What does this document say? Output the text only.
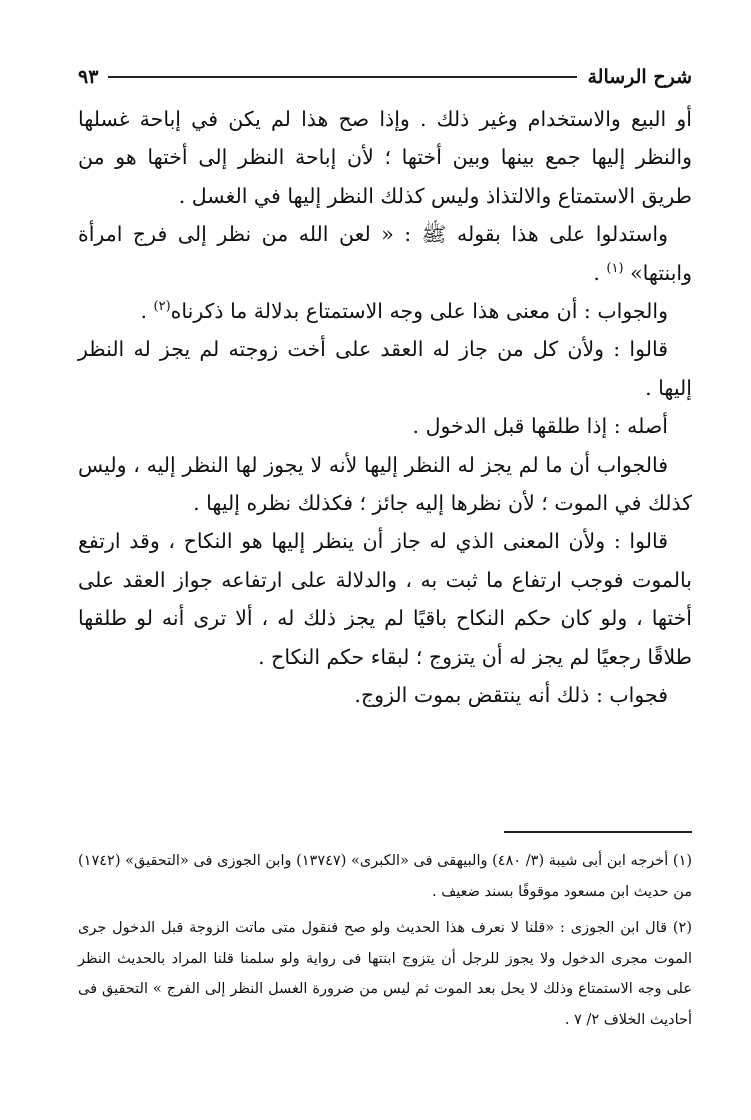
شرح الرسالة
٩٣

أو البيع والاستخدام وغير ذلك . وإذا صح هذا لم يكن في إباحة غسلها والنظر إليها جمع بينها وبين أختها ؛ لأن إباحة النظر إلى أختها هو من طريق الاستمتاع والالتذاذ وليس كذلك النظر إليها في الغسل .

واستدلوا على هذا بقوله ﷺ : « لعن الله من نظر إلى فرج امرأة وابنتها» $^{(١)}$ .

والجواب : أن معنى هذا على وجه الاستمتاع بدلالة ما ذكرناه$^{(٢)}$ .

قالوا : ولأن كل من جاز له العقد على أخت زوجته لم يجز له النظر إليها .

أصله : إذا طلقها قبل الدخول .

فالجواب أن ما لم يجز له النظر إليها لأنه لا يجوز لها النظر إليه ، وليس كذلك في الموت ؛ لأن نظرها إليه جائز ؛ فكذلك نظره إليها .

قالوا : ولأن المعنى الذي له جاز أن ينظر إليها هو النكاح ، وقد ارتفع بالموت فوجب ارتفاع ما ثبت به ، والدلالة على ارتفاعه جواز العقد على أختها ، ولو كان حكم النكاح باقيًا لم يجز ذلك له ، ألا ترى أنه لو طلقها طلاقًا رجعيًا لم يجز له أن يتزوج ؛ لبقاء حكم النكاح .

فجواب : ذلك أنه ينتقض بموت الزوج.

(١) أخرجه ابن أبى شيبة (٣/ ٤٨٠) والبيهقى فى «الكبرى» (١٣٧٤٧) وابن الجوزى فى «التحقيق» (١٧٤٢) من حديث ابن مسعود موقوفًا بسند ضعيف .

(٢) قال ابن الجوزى : «قلنا لا نعرف هذا الحديث ولو صح فنقول متى ماتت الزوجة قبل الدخول جرى الموت مجرى الدخول ولا يجوز للرجل أن يتزوج ابنتها فى رواية ولو سلمنا قلنا المراد بالحديث النظر على وجه الاستمتاع وذلك لا يحل بعد الموت ثم ليس من ضرورة الغسل النظر إلى الفرج » التحقيق فى أحاديث الخلاف ٢/ ٧ .
